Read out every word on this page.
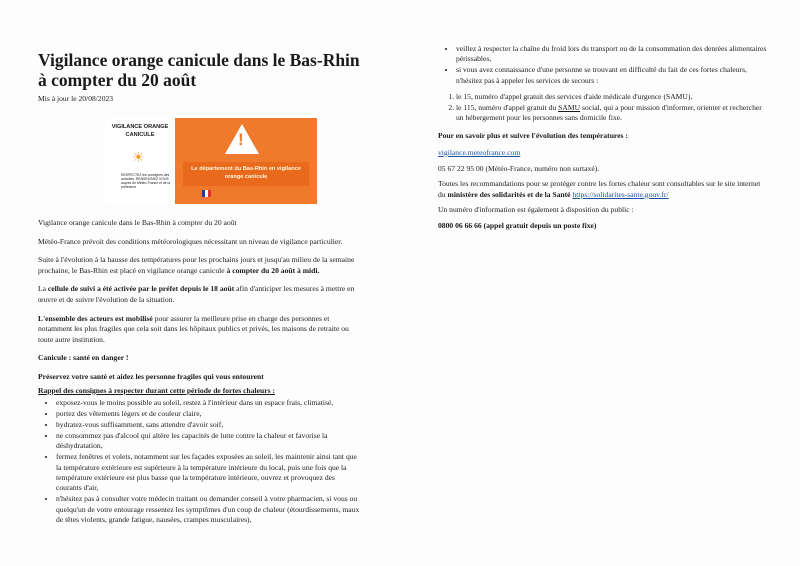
Vigilance orange canicule dans le Bas-Rhin à compter du 20 août
Mis à jour le 20/08/2023
VIGILANCE ORANGE CANICULE
☀
RESPECTEZ les consignes des autorités. RENSEIGNEZ-VOUS auprès de Météo-France et de la préfecture
!
Le département du Bas-Rhin en vigilance orange canicule

Vigilance orange canicule dans le Bas-Rhin à compter du 20 août

Météo-France prévoit des conditions météorologiques nécessitant un niveau de vigilance particulier.

Suite à l'évolution à la hausse des températures pour les prochains jours et jusqu'au milieu de la semaine prochaine, le Bas-Rhin est placé en vigilance orange canicule à compter du 20 août à midi.

La cellule de suivi a été activée par le préfet depuis le 18 août afin d'anticiper les mesures à mettre en œuvre et de suivre l'évolution de la situation.

L'ensemble des acteurs est mobilisé pour assurer la meilleure prise en charge des personnes et notamment les plus fragiles que cela soit dans les hôpitaux publics et privés, les maisons de retraite ou toute autre institution.

Canicule : santé en danger !

Préservez votre santé et aidez les personne fragiles qui vous entourent

Rappel des consignes à respecter durant cette période de fortes chaleurs :

• exposez-vous le moins possible au soleil, restez à l'intérieur dans un espace frais, climatisé,
• portez des vêtements légers et de couleur claire,
• hydratez-vous suffisamment, sans attendre d'avoir soif,
• ne consommez pas d'alcool qui altère les capacités de lutte contre la chaleur et favorise la déshydratation,
• fermez fenêtres et volets, notamment sur les façades exposées au soleil, les maintenir ainsi tant que la température extérieure est supérieure à la température intérieure du local, puis une fois que la température extérieure est plus basse que la température intérieure, ouvrez et provoquez des courants d'air,
• n'hésitez pas à consulter votre médecin traitant ou demander conseil à votre pharmacien, si vous ou quelqu'un de votre entourage ressentez les symptômes d'un coup de chaleur (étourdissements, maux de têtes violents, grande fatigue, nausées, crampes musculaires),
• veillez à respecter la chaîne du froid lors du transport ou de la consommation des denrées alimentaires périssables,
• si vous avez connaissance d'une personne se trouvant en difficulté du fait de ces fortes chaleurs, n'hésitez pas à appeler les services de secours :
1. le 15, numéro d'appel gratuit des services d'aide médicale d'urgence (SAMU),
2. le 115, numéro d'appel gratuit du SAMU social, qui a pour mission d'informer, orienter et rechercher un hébergement pour les personnes sans domicile fixe.

Pour en savoir plus et suivre l'évolution des températures :

vigilance.meteofrance.com

05 67 22 95 00 (Météo-France, numéro non surtaxé).

Toutes les recommandations pour se protéger contre les fortes chaleur sont consultables sur le site internet du ministère des solidarités et de la Santé https://solidarites-sante.gouv.fr/

Un numéro d'information est également à disposition du public :

0800 06 66 66 (appel gratuit depuis un poste fixe)
